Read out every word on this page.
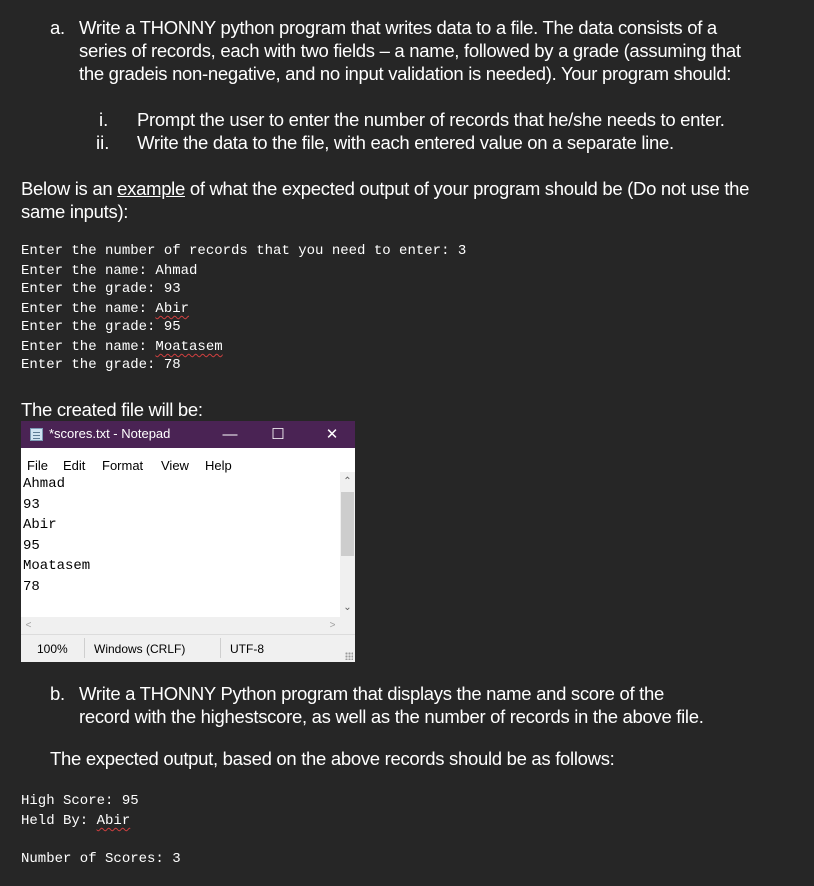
a. Write a THONNY python program that writes data to a file. The data consists of a
series of records, each with two fields – a name, followed by a grade (assuming that
the gradeis non-negative, and no input validation is needed). Your program should:
i. Prompt the user to enter the number of records that he/she needs to enter.
ii. Write the data to the file, with each entered value on a separate line.
Below is an example of what the expected output of your program should be (Do not use the
same inputs):
Enter the number of records that you need to enter: 3
Enter the name: Ahmad
Enter the grade: 93
Enter the name: Abir
Enter the grade: 95
Enter the name: Moatasem
Enter the grade: 78
The created file will be:
*scores.txt - Notepad	—	☐	✕
File Edit Format View Help
Ahmad
93
Abir
95
Moatasem
78
⌃
⌄
<	>
100% Windows (CRLF)	UTF-8
b. Write a THONNY Python program that displays the name and score of the
record with the highestscore, as well as the number of records in the above file.
The expected output, based on the above records should be as follows:
High Score: 95
Held By: Abir
Number of Scores: 3
